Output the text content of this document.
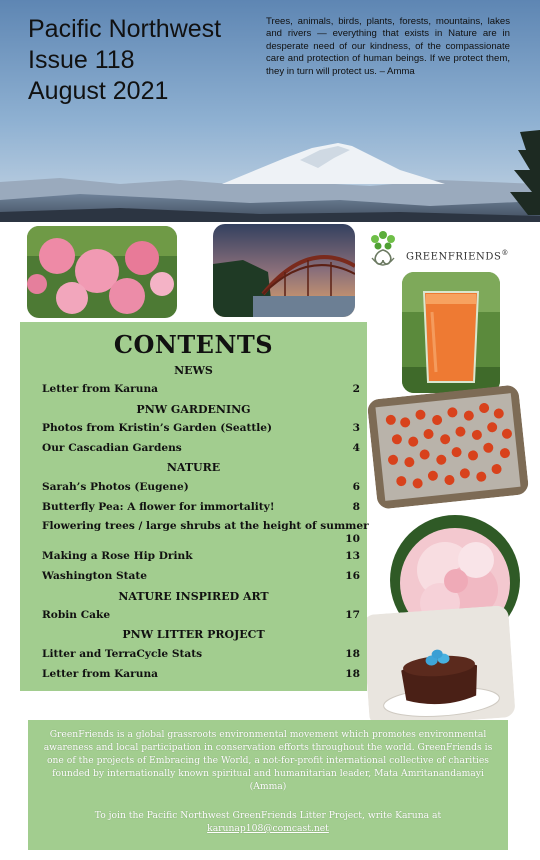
Pacific Northwest
Issue 118
August 2021
Trees, animals, birds, plants, forests, mountains, lakes and rivers — everything that exists in Nature are in desperate need of our kindness, of the compassionate care and protection of human beings. If we protect them, they in turn will protect us. – Amma
GREENFRIENDS®
CONTENTS
NEWS
Letter from Karuna	2
PNW GARDENING
Photos from Kristin’s Garden (Seattle)	3
Our Cascadian Gardens	4
NATURE
Sarah’s Photos (Eugene)	6
Butterfly Pea: A flower for immortality!	8
Flowering trees / large shrubs at the height of summer
10
Making a Rose Hip Drink	13
Washington State	16
NATURE INSPIRED ART
Robin Cake	17
PNW LITTER PROJECT
Litter and TerraCycle Stats	18
Letter from Karuna	18
GreenFriends is a global grassroots environmental movement which promotes environmental awareness and local participation in conservation efforts throughout the world. GreenFriends is one of the projects of Embracing the World, a not-for-profit international collective of charities founded by internationally known spiritual and humanitarian leader, Mata Amritanandamayi (Amma)
To join the Pacific Northwest GreenFriends Litter Project, write Karuna at
karunap108@comcast.net
